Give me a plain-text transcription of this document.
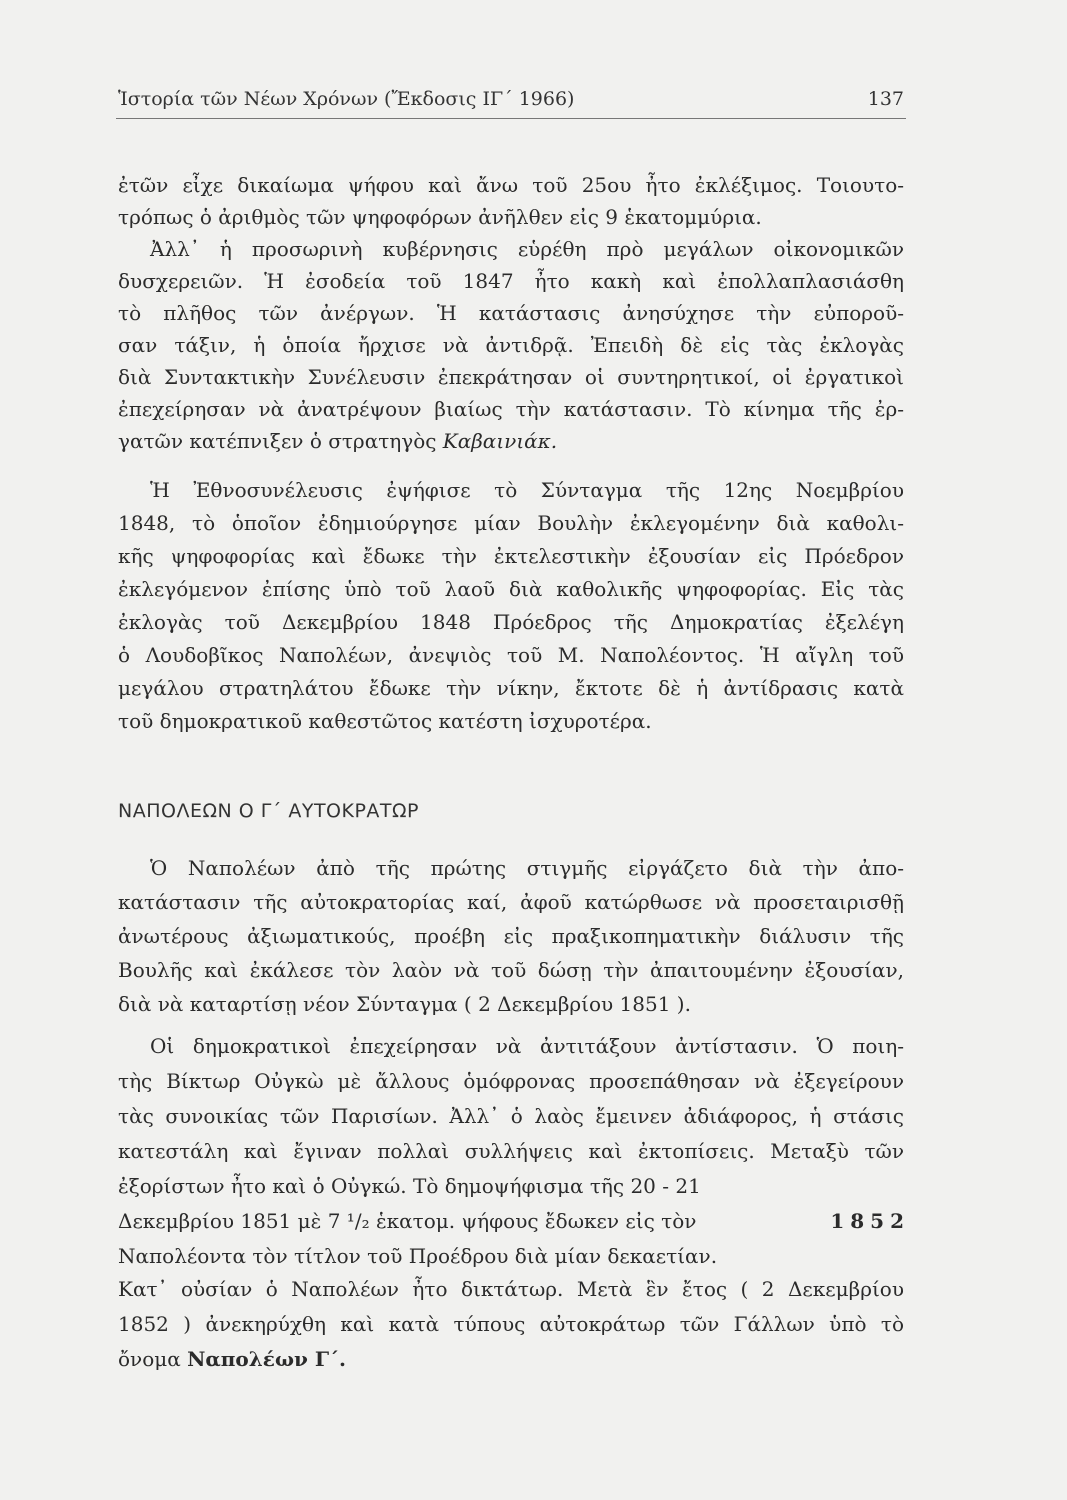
Ἱστορία τῶν Νέων Χρόνων (Ἔκδοσις ΙΓ΄ 1966)	137
ἐτῶν εἶχε δικαίωμα ψήφου καὶ ἄνω τοῦ 25ου ἦτο ἐκλέξιμος. Τοιουτο-
τρόπως ὁ ἀριθμὸς τῶν ψηφοφόρων ἀνῆλθεν εἰς 9 ἑκατομμύρια.
Ἀλλ᾽ ἡ προσωρινὴ κυβέρνησις εὑρέθη πρὸ μεγάλων οἰκονομικῶν
δυσχερειῶν. Ἡ ἐσοδεία τοῦ 1847 ἦτο κακὴ καὶ ἐπολλαπλασιάσθη
τὸ πλῆθος τῶν ἀνέργων. Ἡ κατάστασις ἀνησύχησε τὴν εὐποροῦ-
σαν τάξιν, ἡ ὁποία ἤρχισε νὰ ἀντιδρᾷ. Ἐπειδὴ δὲ εἰς τὰς ἐκλογὰς
διὰ Συντακτικὴν Συνέλευσιν ἐπεκράτησαν οἱ συντηρητικοί, οἱ ἐργατικοὶ
ἐπεχείρησαν νὰ ἀνατρέψουν βιαίως τὴν κατάστασιν. Τὸ κίνημα τῆς ἐρ-
γατῶν κατέπνιξεν ὁ στρατηγὸς Καβαινιάκ.
Ἡ Ἐθνοσυνέλευσις ἐψήφισε τὸ Σύνταγμα τῆς 12ης Νοεμβρίου
1848, τὸ ὁποῖον ἐδημιούργησε μίαν Βουλὴν ἐκλεγομένην διὰ καθολι-
κῆς ψηφοφορίας καὶ ἔδωκε τὴν ἐκτελεστικὴν ἐξουσίαν εἰς Πρόεδρον
ἐκλεγόμενον ἐπίσης ὑπὸ τοῦ λαοῦ διὰ καθολικῆς ψηφοφορίας. Εἰς τὰς
ἐκλογὰς τοῦ Δεκεμβρίου 1848 Πρόεδρος τῆς Δημοκρατίας ἐξελέγη
ὁ Λουδοβῖκος Ναπολέων, ἀνεψιὸς τοῦ Μ. Ναπολέοντος. Ἡ αἴγλη τοῦ
μεγάλου στρατηλάτου ἔδωκε τὴν νίκην, ἔκτοτε δὲ ἡ ἀντίδρασις κατὰ
τοῦ δημοκρατικοῦ καθεστῶτος κατέστη ἰσχυροτέρα.
ΝΑΠΟΛΕΩΝ Ο Γ΄ ΑΥΤΟΚΡΑΤΩΡ
Ὁ Ναπολέων ἀπὸ τῆς πρώτης στιγμῆς εἰργάζετο διὰ τὴν ἀπο-
κατάστασιν τῆς αὐτοκρατορίας καί, ἀφοῦ κατώρθωσε νὰ προσεταιρισθῇ
ἀνωτέρους ἀξιωματικούς, προέβη εἰς πραξικοπηματικὴν διάλυσιν τῆς
Βουλῆς καὶ ἐκάλεσε τὸν λαὸν νὰ τοῦ δώσῃ τὴν ἀπαιτουμένην ἐξουσίαν,
διὰ νὰ καταρτίσῃ νέον Σύνταγμα ( 2 Δεκεμβρίου 1851 ).
Οἱ δημοκρατικοὶ ἐπεχείρησαν νὰ ἀντιτάξουν ἀντίστασιν. Ὁ ποιη-
τὴς Βίκτωρ Οὐγκὼ μὲ ἄλλους ὁμόφρονας προσεπάθησαν νὰ ἐξεγείρουν
τὰς συνοικίας τῶν Παρισίων. Ἀλλ᾽ ὁ λαὸς ἔμεινεν ἀδιάφορος, ἡ στάσις
κατεστάλη καὶ ἔγιναν πολλαὶ συλλήψεις καὶ ἐκτοπίσεις. Μεταξὺ τῶν
ἐξορίστων ἦτο καὶ ὁ Οὐγκώ. Τὸ δημοψήφισμα τῆς 20 - 21
Δεκεμβρίου 1851 μὲ 7 ¹/₂ ἑκατομ. ψήφους ἔδωκεν εἰς τὸν	1852
Ναπολέοντα τὸν τίτλον τοῦ Προέδρου διὰ μίαν δεκαετίαν.
Κατ᾽ οὐσίαν ὁ Ναπολέων ἦτο δικτάτωρ. Μετὰ ἓν ἔτος ( 2 Δεκεμβρίου
1852 ) ἀνεκηρύχθη καὶ κατὰ τύπους αὐτοκράτωρ τῶν Γάλλων ὑπὸ τὸ
ὄνομα Ναπολέων Γ΄.
